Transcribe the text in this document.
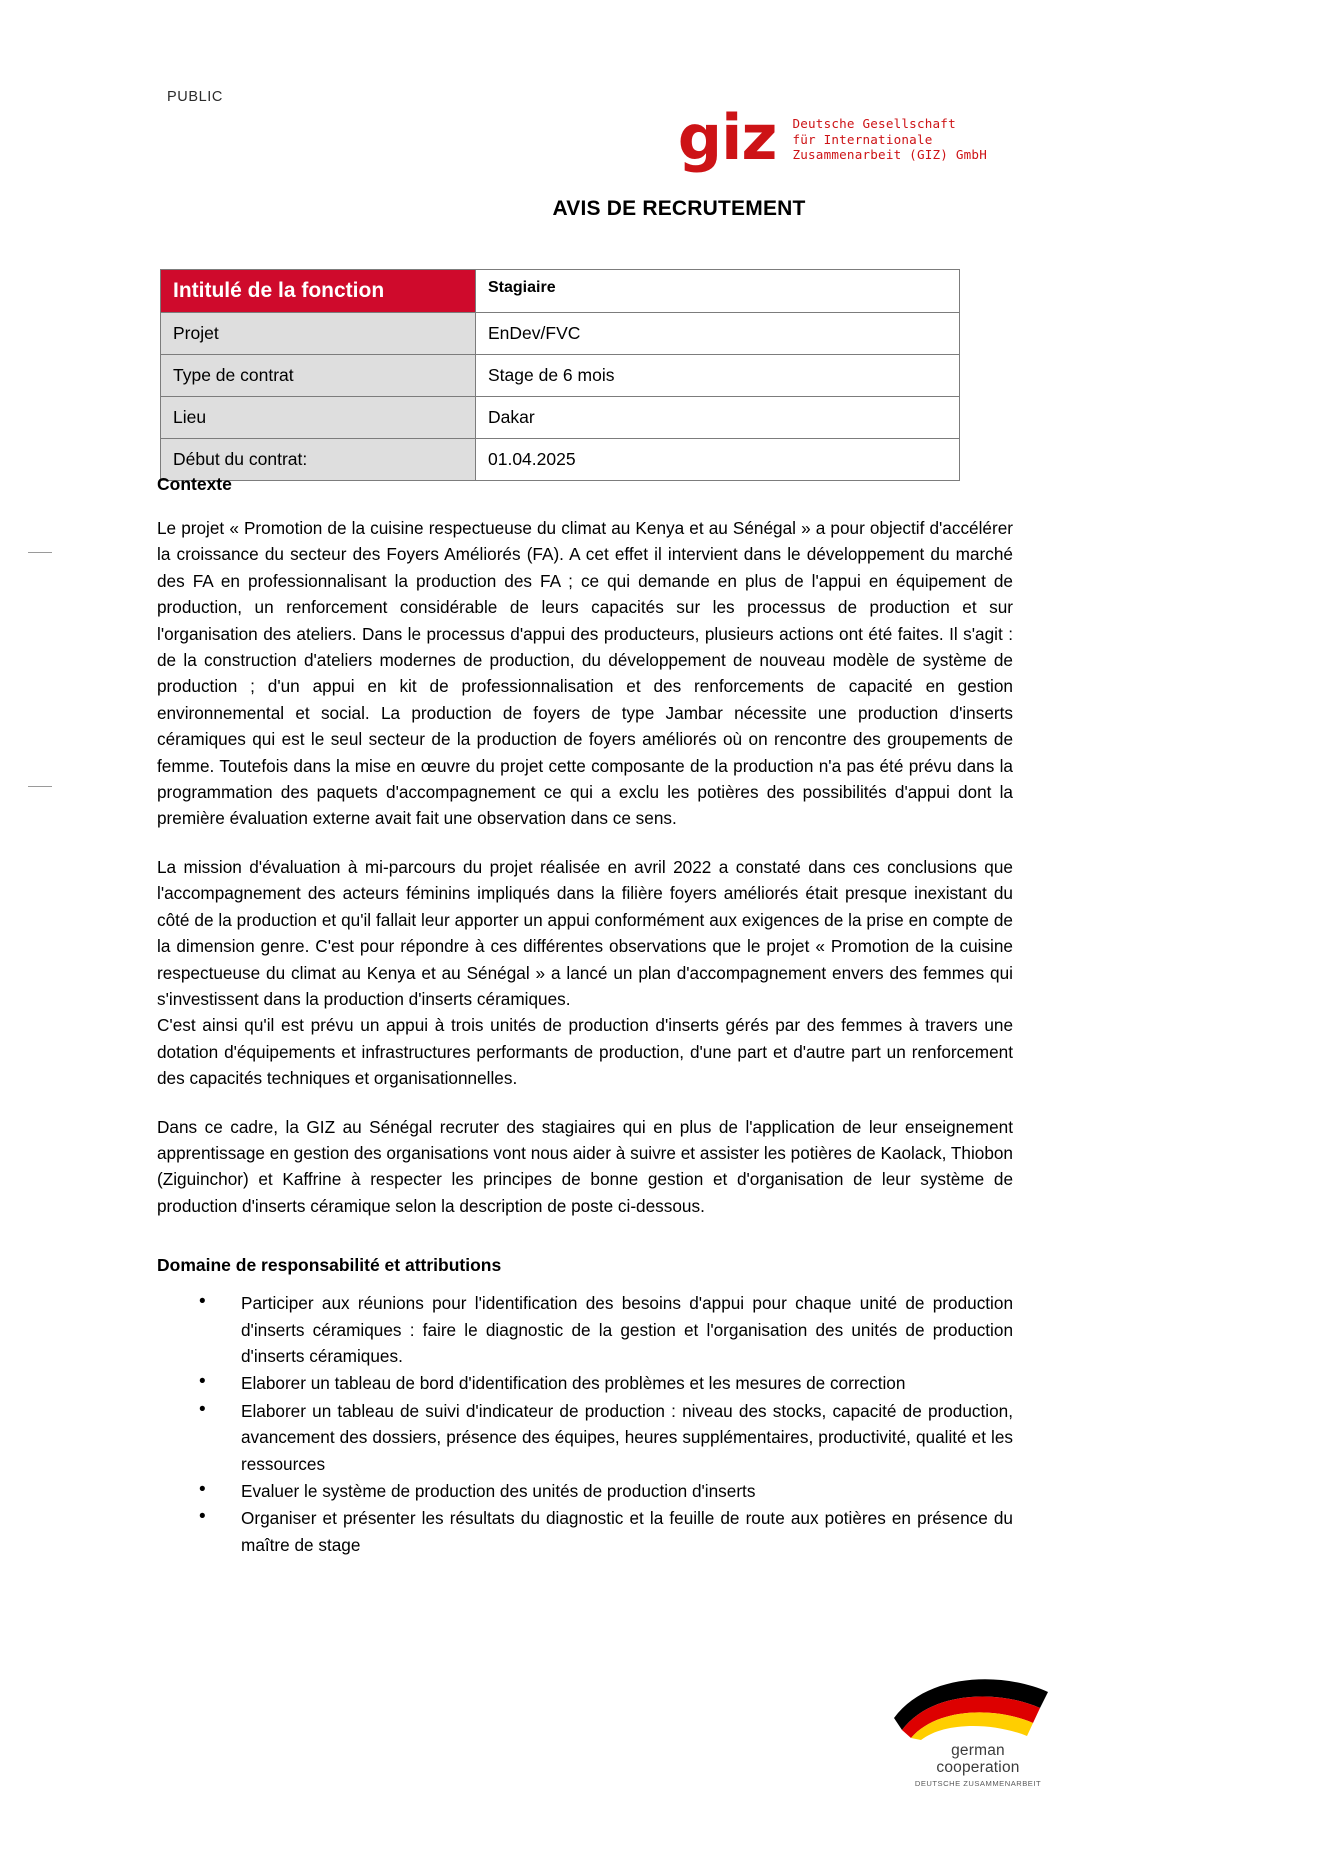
PUBLIC
giz Deutsche Gesellschaft
für Internationale
Zusammenarbeit (GIZ) GmbH
AVIS DE RECRUTEMENT
Intitulé de la fonction	Stagiaire
Projet	EnDev/FVC
Type de contrat	Stage de 6 mois
Lieu	Dakar
Début du contrat:	01.04.2025
Contexte

Le projet « Promotion de la cuisine respectueuse du climat au Kenya et au Sénégal » a pour objectif d'accélérer la croissance du secteur des Foyers Améliorés (FA). A cet effet il intervient dans le développement du marché des FA en professionnalisant la production des FA ; ce qui demande en plus de l'appui en équipement de production, un renforcement considérable de leurs capacités sur les processus de production et sur l'organisation des ateliers. Dans le processus d'appui des producteurs, plusieurs actions ont été faites. Il s'agit : de la construction d'ateliers modernes de production, du développement de nouveau modèle de système de production ; d'un appui en kit de professionnalisation et des renforcements de capacité en gestion environnemental et social. La production de foyers de type Jambar nécessite une production d'inserts céramiques qui est le seul secteur de la production de foyers améliorés où on rencontre des groupements de femme. Toutefois dans la mise en œuvre du projet cette composante de la production n'a pas été prévu dans la programmation des paquets d'accompagnement ce qui a exclu les potières des possibilités d'appui dont la première évaluation externe avait fait une observation dans ce sens.

La mission d'évaluation à mi-parcours du projet réalisée en avril 2022 a constaté dans ces conclusions que l'accompagnement des acteurs féminins impliqués dans la filière foyers améliorés était presque inexistant du côté de la production et qu'il fallait leur apporter un appui conformément aux exigences de la prise en compte de la dimension genre. C'est pour répondre à ces différentes observations que le projet « Promotion de la cuisine respectueuse du climat au Kenya et au Sénégal » a lancé un plan d'accompagnement envers des femmes qui s'investissent dans la production d'inserts céramiques.

C'est ainsi qu'il est prévu un appui à trois unités de production d'inserts gérés par des femmes à travers une dotation d'équipements et infrastructures performants de production, d'une part et d'autre part un renforcement des capacités techniques et organisationnelles.

Dans ce cadre, la GIZ au Sénégal recruter des stagiaires qui en plus de l'application de leur enseignement apprentissage en gestion des organisations vont nous aider à suivre et assister les potières de Kaolack, Thiobon (Ziguinchor) et Kaffrine à respecter les principes de bonne gestion et d'organisation de leur système de production d'inserts céramique selon la description de poste ci-dessous.

Domaine de responsabilité et attributions
• Participer aux réunions pour l'identification des besoins d'appui pour chaque unité de production d'inserts céramiques : faire le diagnostic de la gestion et l'organisation des unités de production d'inserts céramiques.
• Elaborer un tableau de bord d'identification des problèmes et les mesures de correction
• Elaborer un tableau de suivi d'indicateur de production : niveau des stocks, capacité de production, avancement des dossiers, présence des équipes, heures supplémentaires, productivité, qualité et les ressources
• Evaluer le système de production des unités de production d'inserts
• Organiser et présenter les résultats du diagnostic et la feuille de route aux potières en présence du maître de stage
german
cooperation
DEUTSCHE ZUSAMMENARBEIT
